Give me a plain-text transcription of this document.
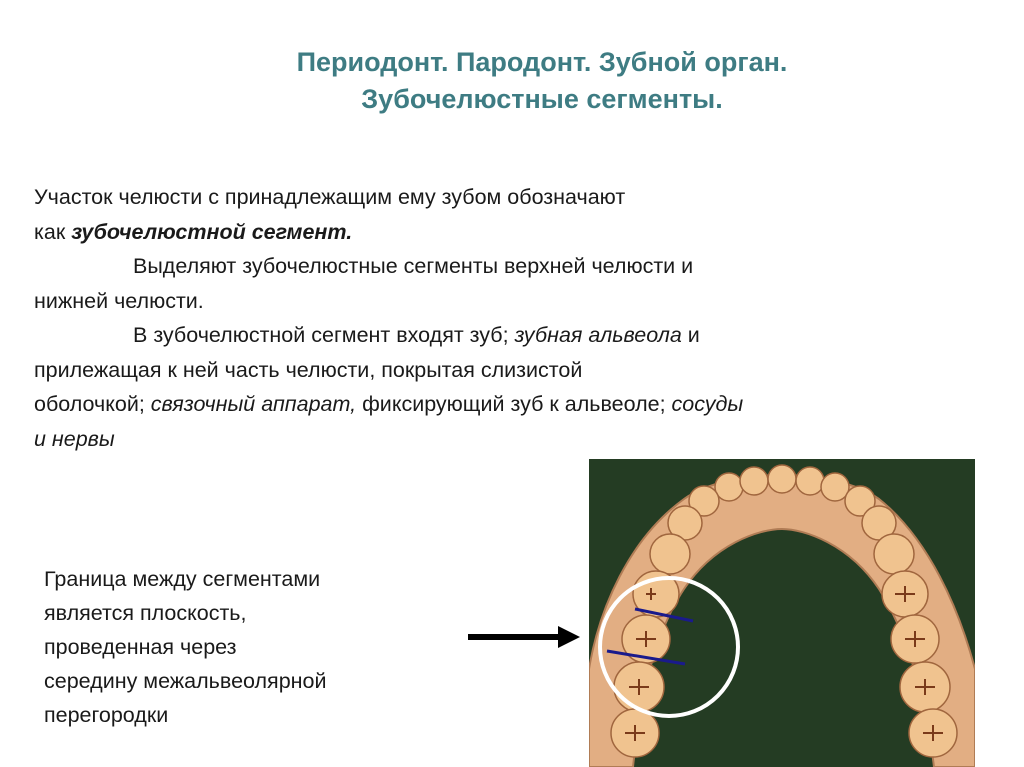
Периодонт. Пародонт. Зубной орган.
Зубочелюстные сегменты.
Участок челюсти с принадлежащим ему зубом обозначают
как зубочелюстной сегмент.
Выделяют зубочелюстные сегменты верхней челюсти и
нижней челюсти.
В зубочелюстной сегмент входят зуб; зубная альвеола и
прилежащая к ней часть челюсти, покрытая слизистой
оболочкой; связочный аппарат, фиксирующий зуб к альвеоле; сосуды
и нервы
Граница между сегментами
является плоскость,
проведенная через
середину межальвеолярной
перегородки
